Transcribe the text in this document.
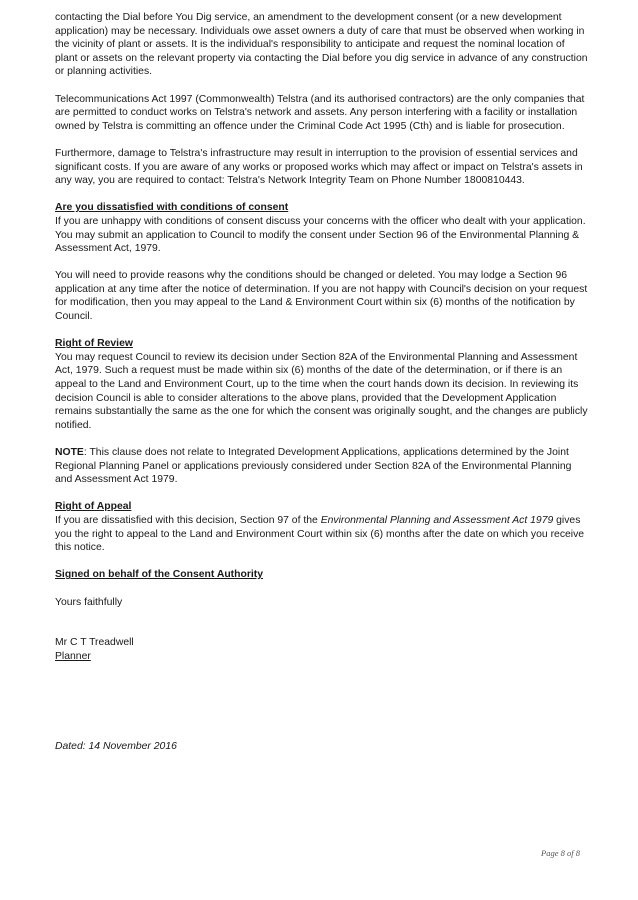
contacting the Dial before You Dig service, an amendment to the development consent (or a new development application) may be necessary. Individuals owe asset owners a duty of care that must be observed when working in the vicinity of plant or assets. It is the individual's responsibility to anticipate and request the nominal location of plant or assets on the relevant property via contacting the Dial before you dig service in advance of any construction or planning activities.

Telecommunications Act 1997 (Commonwealth) Telstra (and its authorised contractors) are the only companies that are permitted to conduct works on Telstra's network and assets. Any person interfering with a facility or installation owned by Telstra is committing an offence under the Criminal Code Act 1995 (Cth) and is liable for prosecution.

Furthermore, damage to Telstra's infrastructure may result in interruption to the provision of essential services and significant costs. If you are aware of any works or proposed works which may affect or impact on Telstra's assets in any way, you are required to contact: Telstra's Network Integrity Team on Phone Number 1800810443.

Are you dissatisfied with conditions of consent

If you are unhappy with conditions of consent discuss your concerns with the officer who dealt with your application. You may submit an application to Council to modify the consent under Section 96 of the Environmental Planning & Assessment Act, 1979.

You will need to provide reasons why the conditions should be changed or deleted. You may lodge a Section 96 application at any time after the notice of determination. If you are not happy with Council's decision on your request for modification, then you may appeal to the Land & Environment Court within six (6) months of the notification by Council.

Right of Review

You may request Council to review its decision under Section 82A of the Environmental Planning and Assessment Act, 1979. Such a request must be made within six (6) months of the date of the determination, or if there is an appeal to the Land and Environment Court, up to the time when the court hands down its decision. In reviewing its decision Council is able to consider alterations to the above plans, provided that the Development Application remains substantially the same as the one for which the consent was originally sought, and the changes are publicly notified.

NOTE: This clause does not relate to Integrated Development Applications, applications determined by the Joint Regional Planning Panel or applications previously considered under Section 82A of the Environmental Planning and Assessment Act 1979.

Right of Appeal

If you are dissatisfied with this decision, Section 97 of the Environmental Planning and Assessment Act 1979 gives you the right to appeal to the Land and Environment Court within six (6) months after the date on which you receive this notice.

Signed on behalf of the Consent Authority
Yours faithfully
Mr C T Treadwell
Planner
Dated: 14 November 2016
Page 8 of 8
